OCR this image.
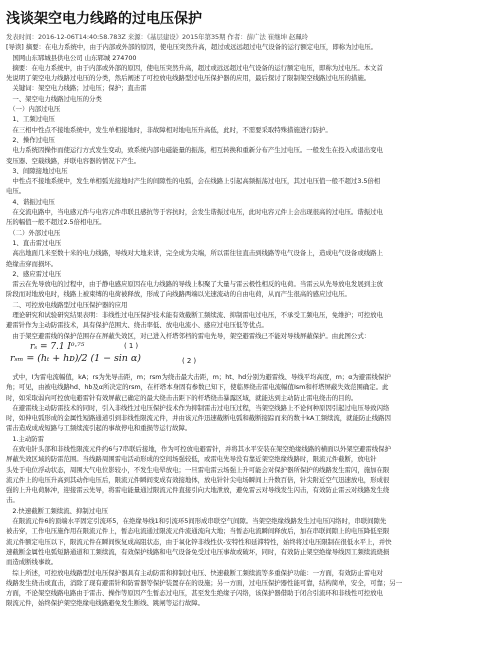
浅谈架空电力线路的过电压保护
发表时间：2016-12-06T14:40:58.783Z 来源：《基层建设》2015年第35期 作者：薛广法 崔继坤 赵珮玲
[导读] 摘要：在电力系统中，由于内部或外部的原因，使电压突然升高，超过或远远超过电气设备的运行额定电压，即称为过电压。
　国网山东郓城县供电公司 山东郓城 274700
　摘要：在电力系统中，由于内部或外部的原因，使电压突然升高，超过或远远超过电气设备的运行额定电压，即称为过电压。本文首
先说明了架空电力线路过电压的分类，然后阐述了可控放电线路型过电压保护器的应用，最后探讨了限制架空线路过电压的措施。
　关键词：架空电力线路；过电压；保护；直击雷
　一、架空电力线路过电压的分类
　（一）内部过电压
　1、工频过电压
　在三相中性点不接地系统中，发生单相接地时，非故障相对地电压升高低，此时，不需要采取特殊措施进行防护。
　2、操作过电压
　电力系统因操作而使运行方式发生变动，致系统内部电磁能量的振荡，相互转换和重新分布产生过电压。一般发生在投入或退出变电
变压器、空载线路，并联电容器的情况下产生。
　3、间隙接地过电压
　中性点不接地系统中，发生单相弧光接地时产生的间隙性的电弧，会在线路上引起高频振荡过电压，其过电压值一般不超过3.5倍相
电压。
　4、谐振过电压
　在交流电路中，当电感元件与电容元件串联且感抗等于容抗时，会发生谐振过电压，此时电容元件上会出现很高的过电压。谐振过电
压的幅值一般不超过2.5倍相电压。
　（二）外部过电压
　1、直击雷过电压
　高出地面几米至数十米的电力线路，导线对大地来讲，完全成为尖端，所以雷往往直击到线路等电气设备上，造成电气设备或线路上
绝缘击穿而损坏。
　2、感应雷过电压
　雷云在先导放电的过程中，由于静电感应原因在电力线路的导线上积聚了大量与雷云极性相反的电荷。当雷云从先导放电发展到主放
阶段而对地放电时，线路上被束缚的电荷被释放，形成了向线路两端以光速流动的自由电荷，从而产生很高的感应过电压。
　二、可控放电线路型过电压保护器的应用
　理论研究和试验研究结果表明：非线性过电压保护技术能有效截断工频续流、抑制雷电过电压，不承受工频电压，免维护；可控放电
避雷针作为主动防雷技术，具有保护范围大、绕击率低、放电电流小、感应过电压低等优点。
　由于架空避雷线的保护范围存在屏蔽失效区，对已进入杆塔邻档的雷电先导，架空避雷线已不能对导线屏蔽保护。由此图公式：
rₛ = 7.1 I⁰·⁷⁵	( 1 )
rₛₘ = (hₜ + hᴅ)/2 (1 − sin α)	( 2 )
　式中，I为雷电流幅值，kA；rs为先导击距，m；rsm为绕击最大击距，m；ht、hd分别为避雷线、导线平均高度，m；α为避雷线保护
角；可见，由被电线路hd、hb及α所决定的rsm，在杆塔本身固有参数已知下，使临界绕击雷电流幅值Ism和杆塔屏蔽失效范围确定。此
时，如采取弱向可控放电避雷针有效屏蔽已确定的最大绕击击距下的杆塔绕击暴露区域，就能达到主动防止雷电绕击的目的。
　在避雷线主动防雷技术的同时，引入非线性过电压保护技术作为抑制雷击过电压过程，当架空线路上不论何种原因引起过电压导致闪络
时，如伸电弧形成的金属性短路通道引到非线性限流元件，并由该元件迅速截断电弧和截断接踪而来的数十kA工频续流，就能防止线路因
雷击造成成成短路与工频续流引起的事故停电和重损等运行故障。
　1.主动防雷
　在致电针头部和非线性限流元件约6与7串联后接地，作为可控放电避雷针，并将其水平安装在架空绝缘线路的横面以外架空避雷线保护
屏蔽失效区域的防雷范围。当线路周围雷电活动形成的空间场强较低，或雷电先导没有靠近架空绝缘线路时，限流元件截断，放电针
头处于电位浮动状态，周围大气电位影较小，不发生电晕放电；一旦雷电雷云场强上升可能会对保护器所保护的线路发生雷闪，施加在限
流元件上的电压升高到其动作电压后，限流元件瞬间变成有效接地体，放电针针尖电场瞬间上升数百倍，针尖附近空气迅速放电，形成很
强的上升电荷脉冲，迎接雷云先导，将雷电能量通过限流元件直接引向大地泄放，避免雷云对导线发生闪击，有效防止雷云对线路发生绕
击。
　2.快速截断工频续流、抑制过电压
　在限流元件6的顶端水平固定引流环5，在绝缘导线1和引流环5间形成串联空气间隙。当架空绝缘线路发生过电压闪络时，串联间隙先
被击穿，工作电压施作用在限流元件上，暂态电流通过限流元件流通流向大地；当暂态电流瞬间释放后，加在串联间隙上的电压降低至限
流元件额定电压以下，限流元件在瞬间恢复成高阻状态，由于氧化锌非线性伏-安特性和延滞特性，始终将过电压限制在很低水平上，并快
速截断金属性电弧短路通道和工频续流，有效保护线路和电气设备免受过电压事故或破坏，同时，有效防止架空绝缘导线因工频续流烧损
而造成断线事故。
　综上所述，可控放电线路型过电压保护器具有主动防雷和抑制过电压、快速截断工频续流等多重保护功能：一方面，有效防止雷电对
线路发生绕击或直击，消除了现有避雷针和防雷器等保护装置存在的设施；另一方面，过电压保护器性能可靠，结构简单，安全，可靠；另一
方面，不论架空线路电路由于雷击、操作等原因产生暂态过电压，甚至发生绝缘子闪络，该保护器借助于闭合引流环和非线性可控放电
限流元件，始终保护架空绝缘电线路避免发生断线、跳闸等运行故障。
